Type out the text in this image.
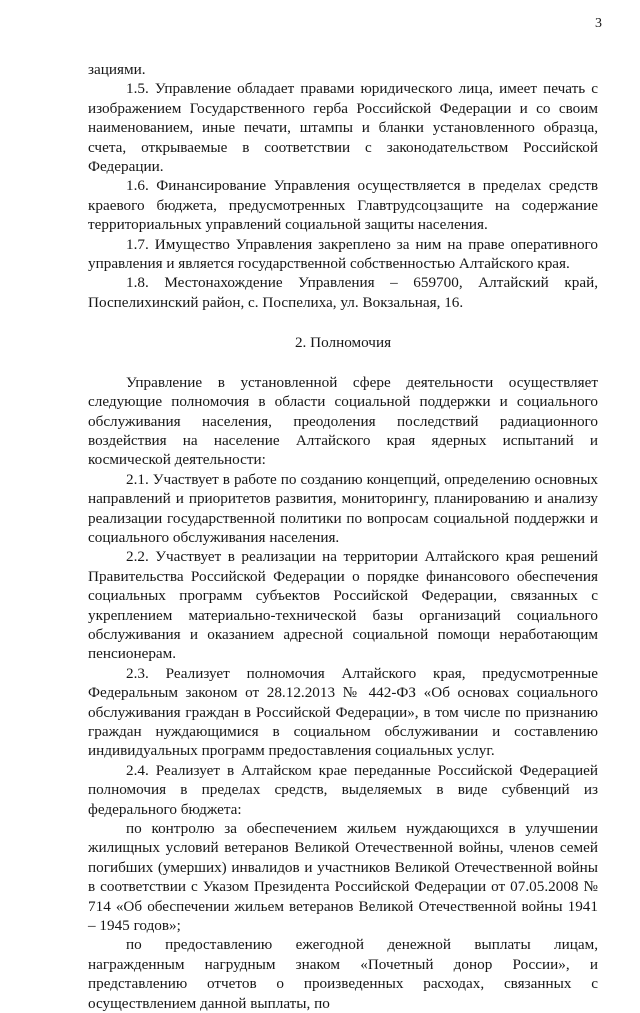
3

зациями.

1.5. Управление обладает правами юридического лица, имеет печать с изображением Государственного герба Российской Федерации и со своим наименованием, иные печати, штампы и бланки установленного образца, счета, открываемые в соответствии с законодательством Российской Федерации.

1.6. Финансирование Управления осуществляется в пределах средств краевого бюджета, предусмотренных Главтрудсоцзащите на содержание территориальных управлений социальной защиты населения.

1.7. Имущество Управления закреплено за ним на праве оперативного управления и является государственной собственностью Алтайского края.

1.8. Местонахождение Управления – 659700, Алтайский край, Поспелихинский район, с. Поспелиха, ул. Вокзальная, 16.

2. Полномочия

Управление в установленной сфере деятельности осуществляет следующие полномочия в области социальной поддержки и социального обслуживания населения, преодоления последствий радиационного воздействия на население Алтайского края ядерных испытаний и космической деятельности:

2.1. Участвует в работе по созданию концепций, определению основных направлений и приоритетов развития, мониторингу, планированию и анализу реализации государственной политики по вопросам социальной поддержки и социального обслуживания населения.

2.2. Участвует в реализации на территории Алтайского края решений Правительства Российской Федерации о порядке финансового обеспечения социальных программ субъектов Российской Федерации, связанных с укреплением материально-технической базы организаций социального обслуживания и оказанием адресной социальной помощи неработающим пенсионерам.

2.3. Реализует полномочия Алтайского края, предусмотренные Федеральным законом от 28.12.2013 № 442-ФЗ «Об основах социального обслуживания граждан в Российской Федерации», в том числе по признанию граждан нуждающимися в социальном обслуживании и составлению индивидуальных программ предоставления социальных услуг.

2.4. Реализует в Алтайском крае переданные Российской Федерацией полномочия в пределах средств, выделяемых в виде субвенций из федерального бюджета:

по контролю за обеспечением жильем нуждающихся в улучшении жилищных условий ветеранов Великой Отечественной войны, членов семей погибших (умерших) инвалидов и участников Великой Отечественной войны в соответствии с Указом Президента Российской Федерации от 07.05.2008 № 714 «Об обеспечении жильем ветеранов Великой Отечественной войны 1941 – 1945 годов»;

по предоставлению ежегодной денежной выплаты лицам, награжденным нагрудным знаком «Почетный донор России», и представлению отчетов о произведенных расходах, связанных с осуществлением данной выплаты, по
